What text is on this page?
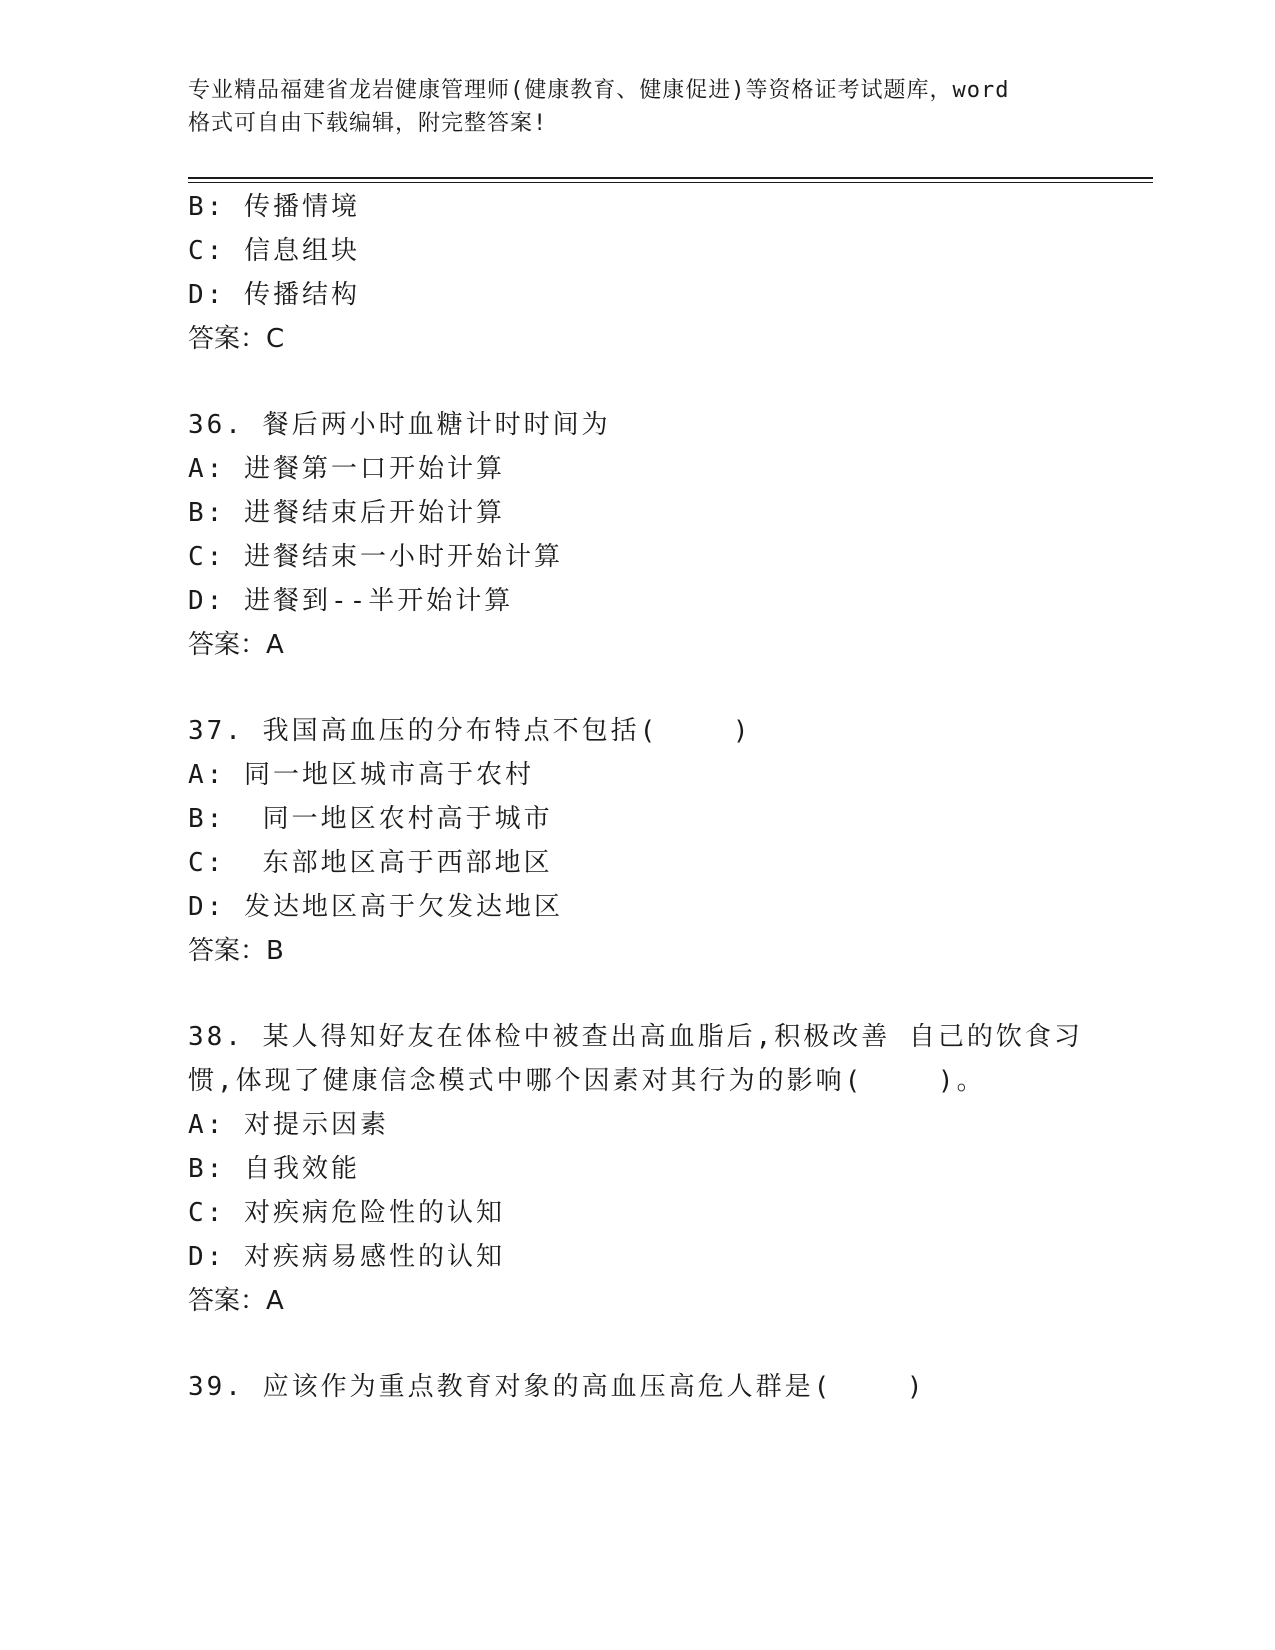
专业精品福建省龙岩健康管理师(健康教育、健康促进)等资格证考试题库，word
格式可自由下载编辑，附完整答案!
B: 传播情境
C: 信息组块
D: 传播结构
答案：C
36. 餐后两小时血糖计时时间为
A: 进餐第一口开始计算
B: 进餐结束后开始计算
C: 进餐结束一小时开始计算
D: 进餐到--半开始计算
答案：A
37. 我国高血压的分布特点不包括(    )
A: 同一地区城市高于农村
B:  同一地区农村高于城市
C:  东部地区高于西部地区
D: 发达地区高于欠发达地区
答案：B
38. 某人得知好友在体检中被查出高血脂后,积极改善 自己的饮食习
惯,体现了健康信念模式中哪个因素对其行为的影响(    )。
A: 对提示因素
B: 自我效能
C: 对疾病危险性的认知
D: 对疾病易感性的认知
答案：A
39. 应该作为重点教育对象的高血压高危人群是(    )
